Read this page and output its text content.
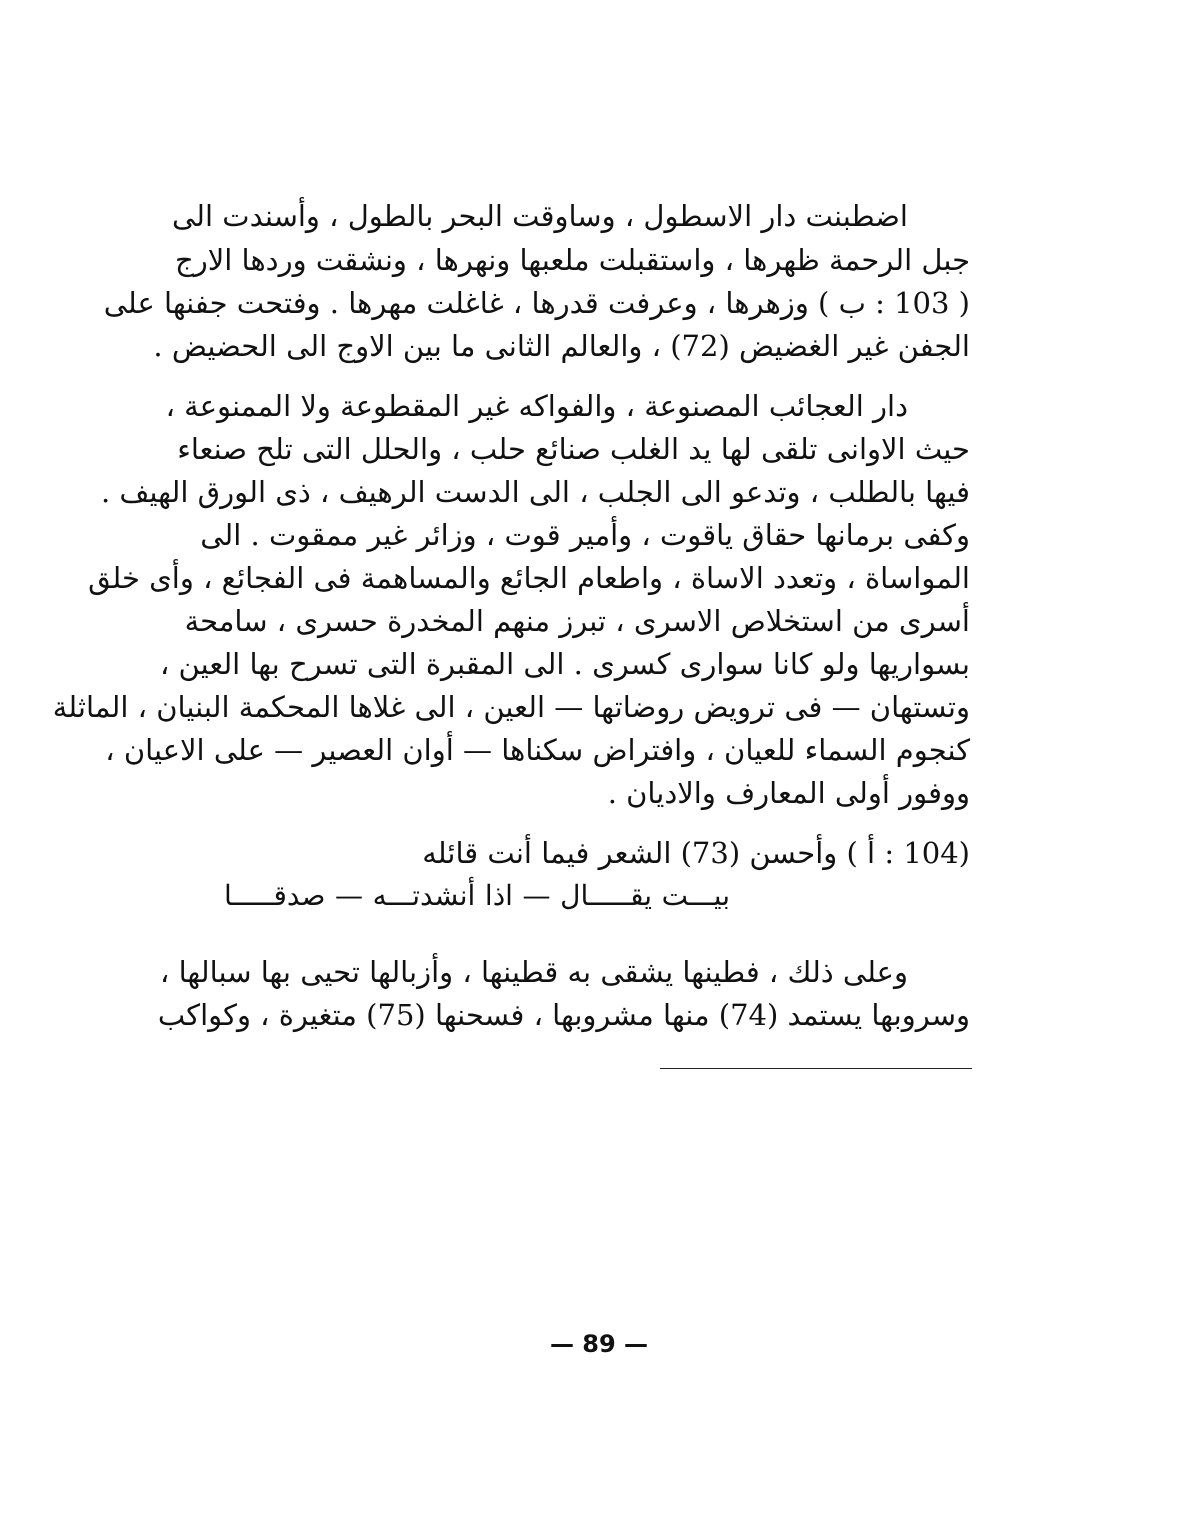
اضطبنت دار الاسطول ، وساوقت البحر بالطول ، وأسندت الى
جبل الرحمة ظهرها ، واستقبلت ملعبها ونهرها ، ونشقت وردها الارج
( 103 : ب ) وزهرها ، وعرفت قدرها ، غاغلت مهرها . وفتحت جفنها على
الجفن غير الغضيض (72) ، والعالم الثانى ما بين الاوج الى الحضيض .
دار العجائب المصنوعة ، والفواكه غير المقطوعة ولا الممنوعة ،
حيث الاوانى تلقى لها يد الغلب صنائع حلب ، والحلل التى تلح صنعاء
فيها بالطلب ، وتدعو الى الجلب ، الى الدست الرهيف ، ذى الورق الهيف .
وكفى برمانها حقاق ياقوت ، وأمير قوت ، وزائر غير ممقوت . الى
المواساة ، وتعدد الاساة ، واطعام الجائع والمساهمة فى الفجائع ، وأى خلق
أسرى من استخلاص الاسرى ، تبرز منهم المخدرة حسرى ، سامحة
بسواريها ولو كانا سوارى كسرى . الى المقبرة التى تسرح بها العين ،
وتستهان — فى ترويض روضاتها — العين ، الى غلاها المحكمة البنيان ، الماثلة
كنجوم السماء للعيان ، وافتراض سكناها — أوان العصير — على الاعيان ،
ووفور أولى المعارف والاديان .
(104 : أ ) وأحسن (73) الشعر فيما أنت قائله
بيـــت يقـــــال — اذا أنشدتـــه — صدقـــــا
وعلى ذلك ، فطينها يشقى به قطينها ، وأزبالها تحيى بها سبالها ،
وسروبها يستمد (74) منها مشروبها ، فسحنها (75) متغيرة ، وكواكب
— 89 —
